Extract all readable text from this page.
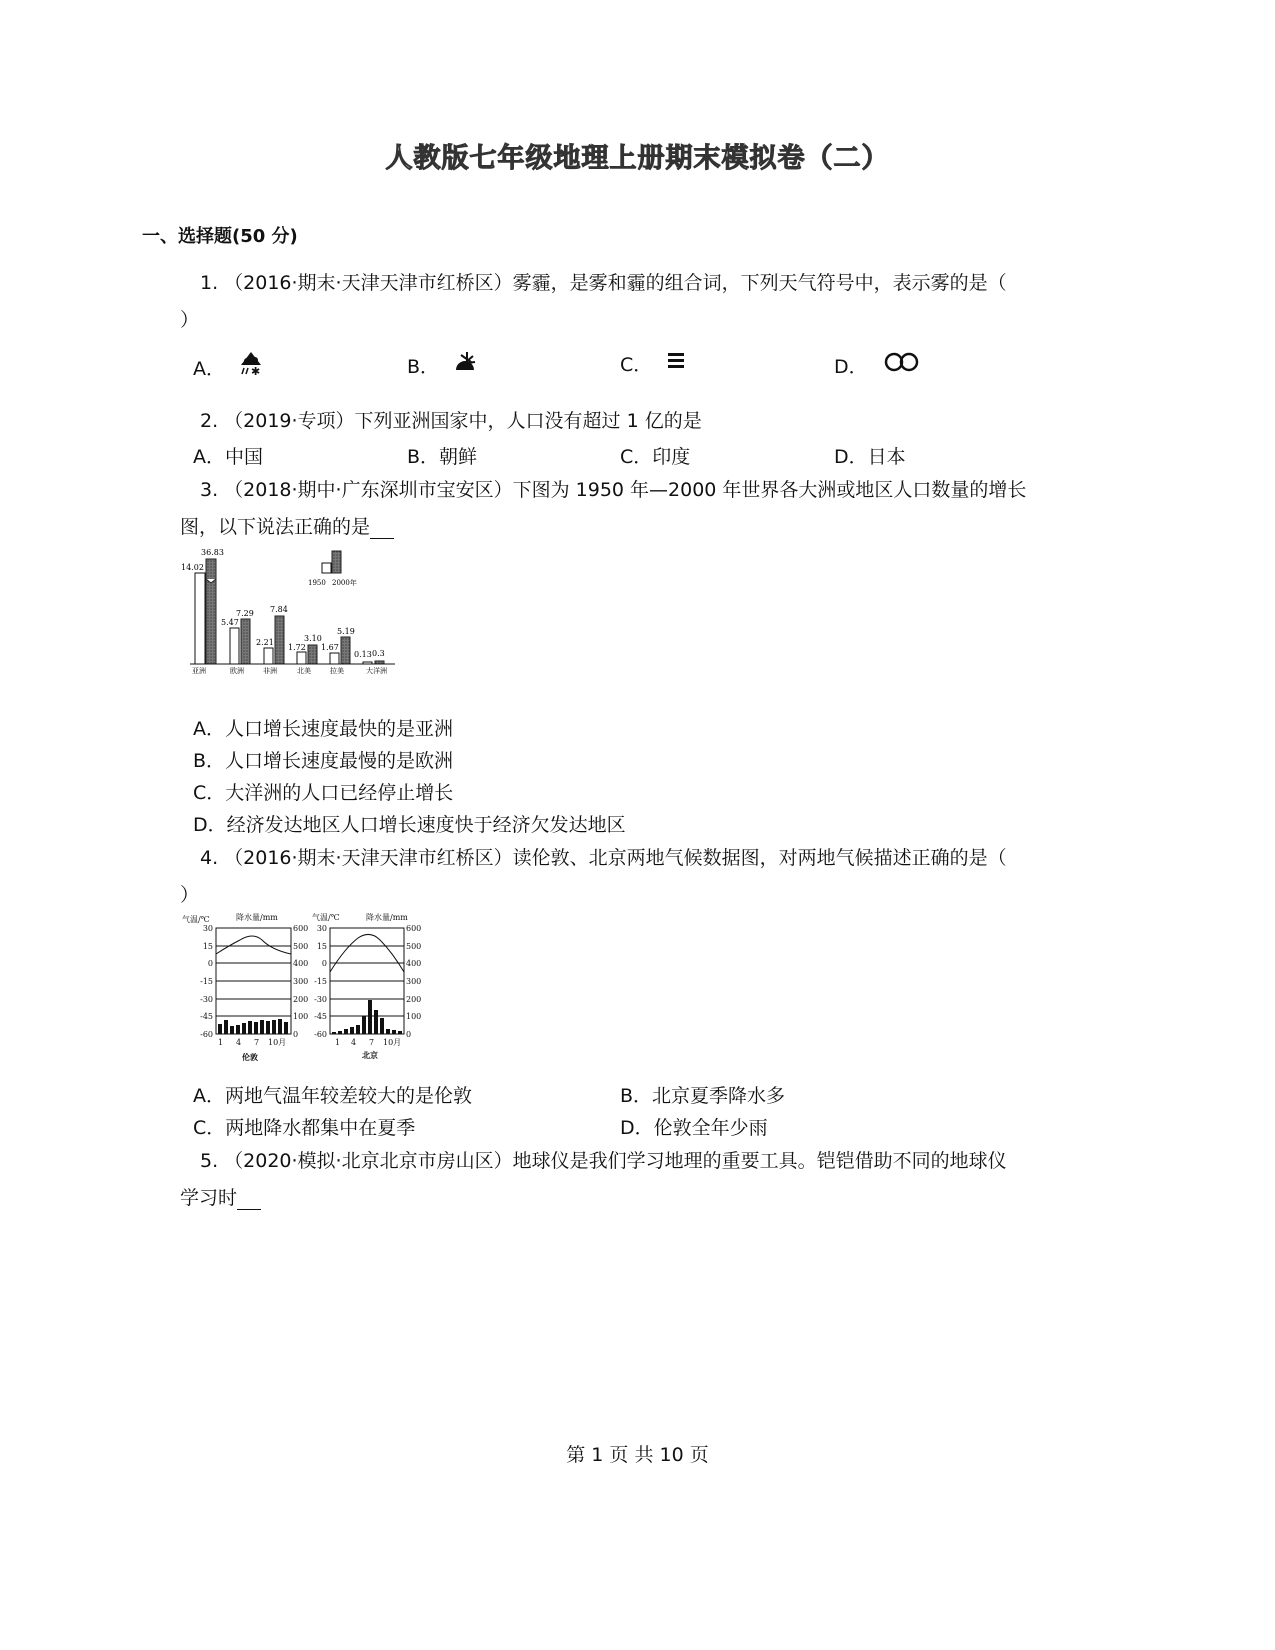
人教版七年级地理上册期末模拟卷（二）
一、选择题(50 分)
1. （2016·期末·天津天津市红桥区）雾霾，是雾和霾的组合词，下列天气符号中，表示雾的是（
）
A． ✱	B．	C．	D．
2. （2019·专项）下列亚洲国家中，人口没有超过 1 亿的是
A．中国	B．朝鲜	C．印度	D．日本
3. （2018·期中·广东深圳市宝安区）下图为 1950 年—2000 年世界各大洲或地区人口数量的增长
图，以下说法正确的是
14.02
36.83
5.47
7.29
2.21
7.84
1.72
3.10
1.67
5.19
0.13 0.3
1950 2000年
亚洲	欧洲	非洲	北美	拉美	大洋洲
A．人口增长速度最快的是亚洲
B．人口增长速度最慢的是欧洲
C．大洋洲的人口已经停止增长
D．经济发达地区人口增长速度快于经济欠发达地区
4. （2016·期末·天津天津市红桥区）读伦敦、北京两地气候数据图，对两地气候描述正确的是（
）
气温/℃	降水量/mm	气温/℃	降水量/mm
30
15
0
-15
-30
-45
-60
30
15
0
-15
-30
-45
-60
600
500
400
300
200
100
0
600
500
400
300
200
100
0
1 4 7 10月	1 4 7 10月
伦敦	北京
A．两地气温年较差较大的是伦敦	B．北京夏季降水多
C．两地降水都集中在夏季	D．伦敦全年少雨
5. （2020·模拟·北京北京市房山区）地球仪是我们学习地理的重要工具。铠铠借助不同的地球仪
学习时
第 1 页 共 10 页
